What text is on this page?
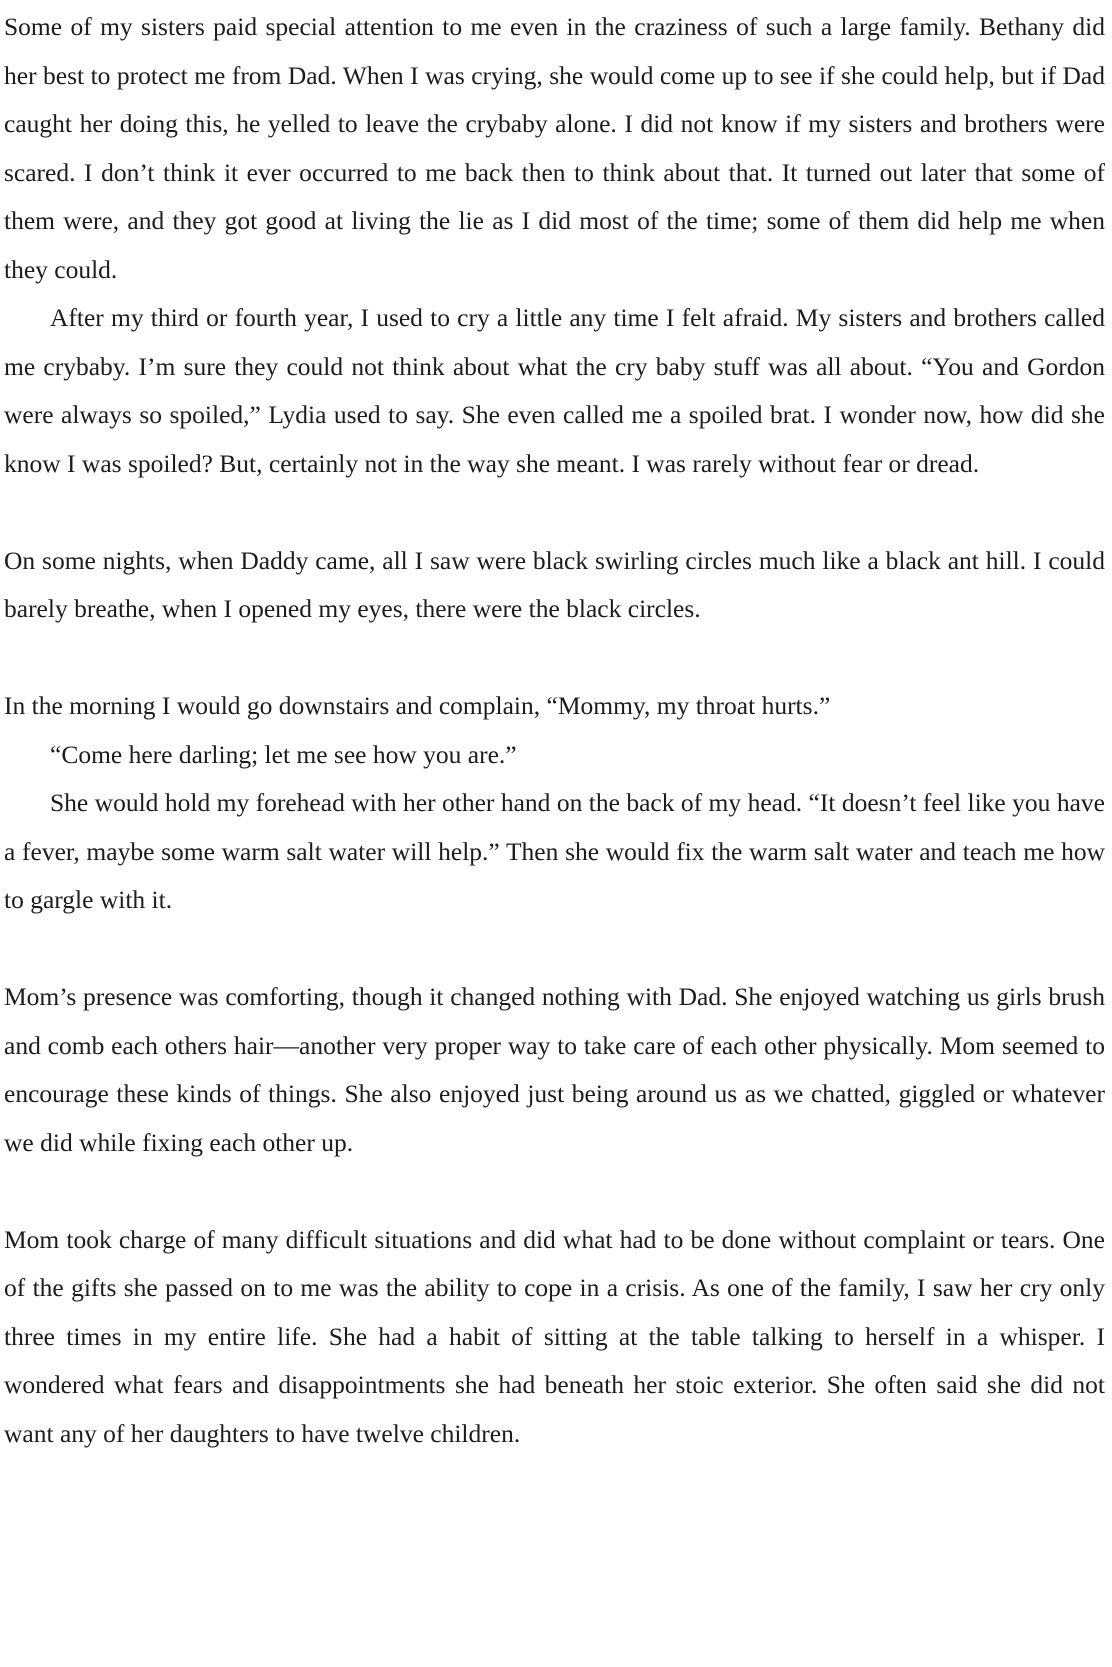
Some of my sisters paid special attention to me even in the craziness of such a large family. Bethany did her best to protect me from Dad. When I was crying, she would come up to see if she could help, but if Dad caught her doing this, he yelled to leave the crybaby alone. I did not know if my sisters and brothers were scared. I don’t think it ever occurred to me back then to think about that. It turned out later that some of them were, and they got good at living the lie as I did most of the time; some of them did help me when they could.

After my third or fourth year, I used to cry a little any time I felt afraid. My sisters and brothers called me crybaby. I’m sure they could not think about what the cry baby stuff was all about. “You and Gordon were always so spoiled,” Lydia used to say. She even called me a spoiled brat. I wonder now, how did she know I was spoiled? But, certainly not in the way she meant. I was rarely without fear or dread.

On some nights, when Daddy came, all I saw were black swirling circles much like a black ant hill. I could barely breathe, when I opened my eyes, there were the black circles.

In the morning I would go downstairs and complain, “Mommy, my throat hurts.”

“Come here darling; let me see how you are.”

She would hold my forehead with her other hand on the back of my head. “It doesn’t feel like you have a fever, maybe some warm salt water will help.” Then she would fix the warm salt water and teach me how to gargle with it.

Mom’s presence was comforting, though it changed nothing with Dad. She enjoyed watching us girls brush and comb each others hair—another very proper way to take care of each other physically. Mom seemed to encourage these kinds of things. She also enjoyed just being around us as we chatted, giggled or whatever we did while fixing each other up.

Mom took charge of many difficult situations and did what had to be done without complaint or tears. One of the gifts she passed on to me was the ability to cope in a crisis. As one of the family, I saw her cry only three times in my entire life. She had a habit of sitting at the table talking to herself in a whisper. I wondered what fears and disappointments she had beneath her stoic exterior. She often said she did not want any of her daughters to have twelve children.
